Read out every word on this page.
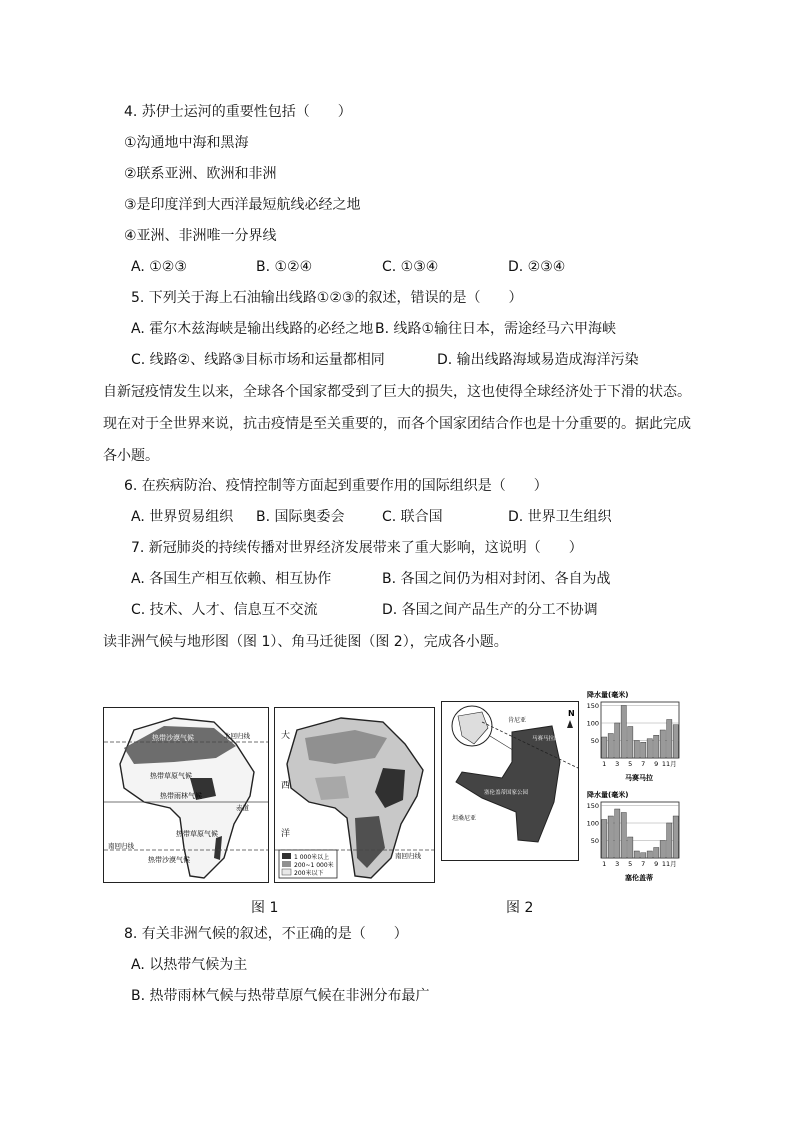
4. 苏伊士运河的重要性包括（　　）
①沟通地中海和黑海
②联系亚洲、欧洲和非洲
③是印度洋到大西洋最短航线必经之地
④亚洲、非洲唯一分界线
A. ①②③	B. ①②④	C. ①③④	D. ②③④
5. 下列关于海上石油输出线路①②③的叙述，错误的是（　　）
A. 霍尔木兹海峡是输出线路的必经之地 B. 线路①输往日本，需途经马六甲海峡
C. 线路②、线路③目标市场和运量都相同	D. 输出线路海域易造成海洋污染
自新冠疫情发生以来，全球各个国家都受到了巨大的损失，这也使得全球经济处于下滑的状态。
现在对于全世界来说，抗击疫情是至关重要的，而各个国家团结合作也是十分重要的。据此完成
各小题。
6. 在疾病防治、疫情控制等方面起到重要作用的国际组织是（　　）
A. 世界贸易组织 B. 国际奥委会	C. 联合国	D. 世界卫生组织
7. 新冠肺炎的持续传播对世界经济发展带来了重大影响，这说明（　　）
A. 各国生产相互依赖、相互协作	B. 各国之间仍为相对封闭、各自为战
C. 技术、人才、信息互不交流	D. 各国之间产品生产的分工不协调
读非洲气候与地形图（图 1）、角马迁徙图（图 2），完成各小题。
热带沙漠气候	北回归线
热带草原气候
热带雨林气候
赤道
热带草原气候
南回归线
热带沙漠气候
大
西
洋
南回归线
1 000米以上
200~1 000米
200米以下
肯尼亚
N
马赛马拉国家公园
坦桑尼亚
塞伦盖蒂国家公园
降水量(毫米)
150
100
50
1 3 5 7 9 11月
马赛马拉
降水量(毫米)
150
100
50
1 3 5 7 9 11月
塞伦盖蒂
图 1	图 2
8. 有关非洲气候的叙述，不正确的是（　　）
A. 以热带气候为主
B. 热带雨林气候与热带草原气候在非洲分布最广
